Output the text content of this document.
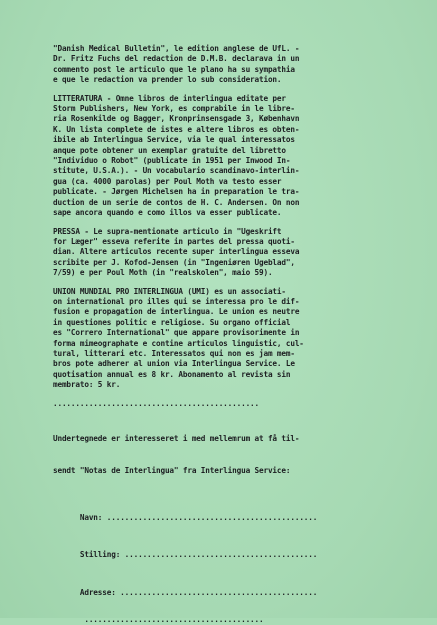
"Danish Medical Bulletin", le edition anglese de UfL. -
Dr. Fritz Fuchs del redaction de D.M.B. declarava in un
commento post le articulo que le plano ha su sympathia
e que le redaction va prender lo sub consideration.
LITTERATURA - Omne libros de interlingua editate per
Storm Publishers, New York, es comprabile in le libre-
ria Rosenkilde og Bagger, Kronprinsensgade 3, København
K. Un lista complete de istes e altere libros es obten-
ibile ab Interlingua Service, via le qual interessatos
anque pote obtener un exemplar gratuite del libretto
"Individuo o Robot" (publicate in 1951 per Inwood In-
stitute, U.S.A.). - Un vocabulario scandinavo-interlin-
gua (ca. 4000 parolas) per Poul Moth va testo esser
publicate. - Jørgen Michelsen ha in preparation le tra-
duction de un serie de contos de H. C. Andersen. On non
sape ancora quando e como illos va esser publicate.
PRESSA - Le supra-mentionate articulo in "Ugeskrift
for Læger" esseva referite in partes del pressa quoti-
dian. Altere articulos recente super interlingua esseva
scribite per J. Kofod-Jensen (in "Ingeniøren Ugeblad",
7/59) e per Poul Moth (in "realskolen", maio 59).
UNION MUNDIAL PRO INTERLINGUA (UMI) es un associati-
on international pro illes qui se interessa pro le dif-
fusion e propagation de interlingua. Le union es neutre
in questiones politic e religiose. Su organo official
es "Correro International" que appare provisorimente in
forma mimeographate e contine articulos linguistic, cul-
tural, litterari etc. Interessatos qui non es jam mem-
bros pote adherer al union via Interlingua Service. Le
quotisation annual es 8 kr. Abonamento al revista sin
membrato: 5 kr.
..............................................

Undertegnede er interesseret i med mellemrum at få til-

sendt "Notas de Interlingua" fra Interlingua Service:

Navn: ...............................................

Stilling: ...........................................

Adresse: ............................................

........................................
